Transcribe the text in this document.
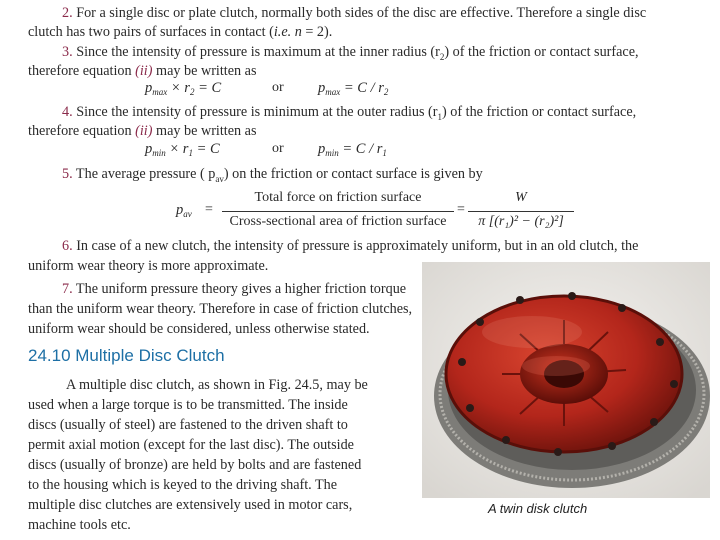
2. For a single disc or plate clutch, normally both sides of the disc are effective. Therefore a single disc

clutch has two pairs of surfaces in contact (i.e. n = 2).

3. Since the intensity of pressure is maximum at the inner radius $(r_2)$ of the friction or contact surface,

therefore equation (ii) may be written as

$p_{max} \times r_2 = C$	or $p_{max} = C / r_2$

4. Since the intensity of pressure is minimum at the outer radius $(r_1)$ of the friction or contact surface,

therefore equation (ii) may be written as

$p_{min} \times r_1 = C$	or $p_{min} = C / r_1$

5. The average pressure ( $p_{av}$) on the friction or contact surface is given by

$p_{av}$ =
Total force on friction surface
Cross-sectional area of friction surface
=
W
π [(r₁)² − (r₂)²]

6. In case of a new clutch, the intensity of pressure is approximately uniform, but in an old clutch, the

uniform wear theory is more approximate.

7. The uniform pressure theory gives a higher friction torque

than the uniform wear theory. Therefore in case of friction clutches,

uniform wear should be considered, unless otherwise stated.

24.10 Multiple Disc Clutch

A multiple disc clutch, as shown in Fig. 24.5, may be

used when a large torque is to be transmitted. The inside

discs (usually of steel) are fastened to the driven shaft to

permit axial motion (except for the last disc). The outside

discs (usually of bronze) are held by bolts and are fastened

to the housing which is keyed to the driving shaft. The

multiple disc clutches are extensively used in motor cars,

machine tools etc.

A twin disk clutch
